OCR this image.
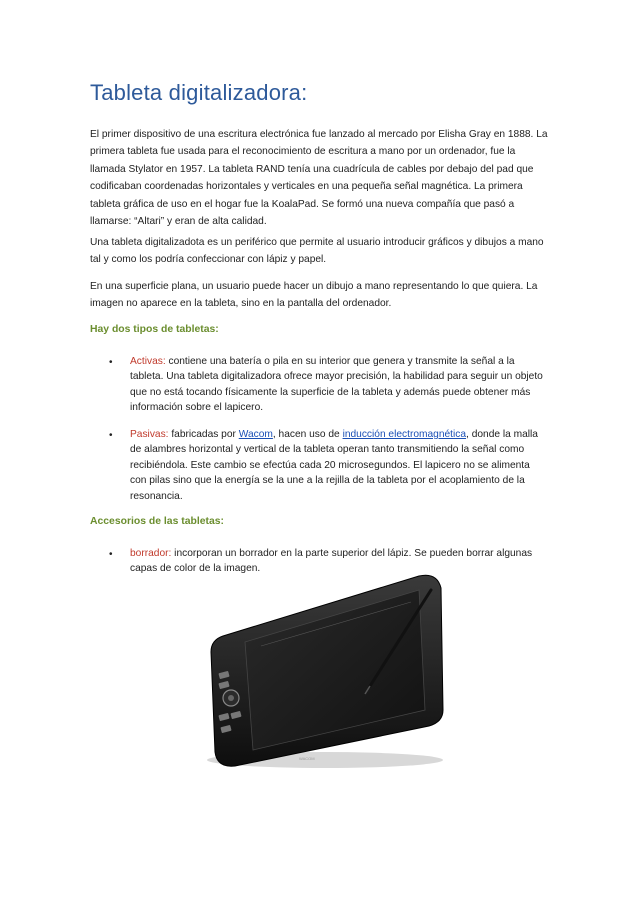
Tableta digitalizadora:

El primer dispositivo de una escritura electrónica fue lanzado al mercado por Elisha Gray en 1888. La primera tableta fue usada para el reconocimiento de escritura a mano por un ordenador, fue la llamada Stylator en 1957. La tableta RAND tenía una cuadrícula de cables por debajo del pad que codificaban coordenadas horizontales y verticales en una pequeña señal magnética. La primera tableta gráfica de uso en el hogar fue la KoalaPad. Se formó una nueva compañía que pasó a llamarse: “Altari” y eran de alta calidad.

Una tableta digitalizadota es un periférico que permite al usuario introducir gráficos y dibujos a mano tal y como los podría confeccionar con lápiz y papel.

En una superficie plana, un usuario puede hacer un dibujo a mano representando lo que quiera. La imagen no aparece en la tableta, sino en la pantalla del ordenador.

Hay dos tipos de tabletas:

• Activas: contiene una batería o pila en su interior que genera y transmite la señal a la tableta. Una tableta digitalizadora ofrece mayor precisión, la habilidad para seguir un objeto que no está tocando físicamente la superficie de la tableta y además puede obtener más información sobre el lapicero.

• Pasivas: fabricadas por Wacom, hacen uso de inducción electromagnética, donde la malla de alambres horizontal y vertical de la tableta operan tanto transmitiendo la señal como recibiéndola. Este cambio se efectúa cada 20 microsegundos. El lapicero no se alimenta con pilas sino que la energía se la une a la rejilla de la tableta por el acoplamiento de la resonancia.

Accesorios de las tabletas:

• borrador: incorporan un borrador en la parte superior del lápiz. Se pueden borrar algunas capas de color de la imagen.

WACOM
